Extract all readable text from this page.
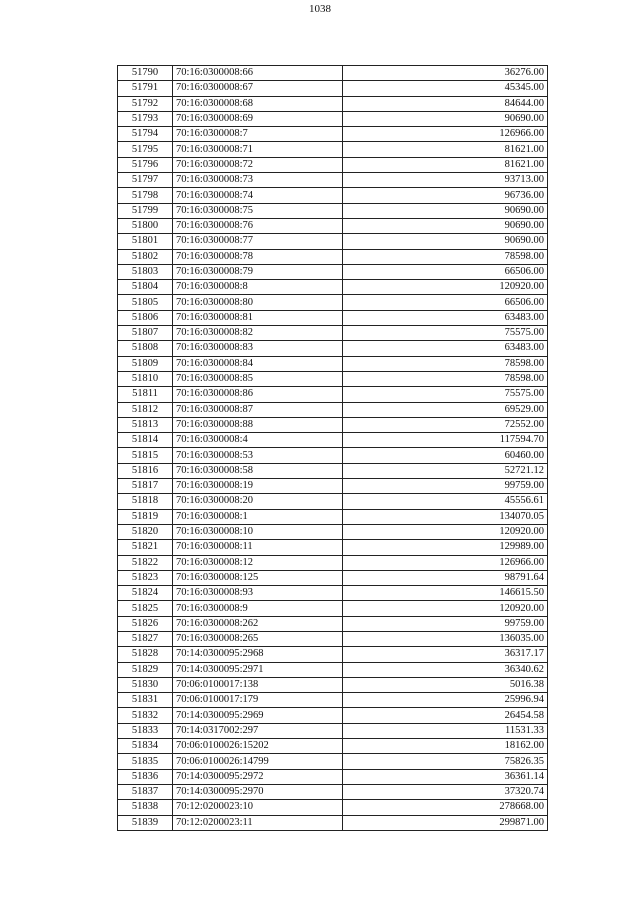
1038
51790	70:16:0300008:66	36276.00
51791	70:16:0300008:67	45345.00
51792	70:16:0300008:68	84644.00
51793	70:16:0300008:69	90690.00
51794	70:16:0300008:7	126966.00
51795	70:16:0300008:71	81621.00
51796	70:16:0300008:72	81621.00
51797	70:16:0300008:73	93713.00
51798	70:16:0300008:74	96736.00
51799	70:16:0300008:75	90690.00
51800	70:16:0300008:76	90690.00
51801	70:16:0300008:77	90690.00
51802	70:16:0300008:78	78598.00
51803	70:16:0300008:79	66506.00
51804	70:16:0300008:8	120920.00
51805	70:16:0300008:80	66506.00
51806	70:16:0300008:81	63483.00
51807	70:16:0300008:82	75575.00
51808	70:16:0300008:83	63483.00
51809	70:16:0300008:84	78598.00
51810	70:16:0300008:85	78598.00
51811	70:16:0300008:86	75575.00
51812	70:16:0300008:87	69529.00
51813	70:16:0300008:88	72552.00
51814	70:16:0300008:4	117594.70
51815	70:16:0300008:53	60460.00
51816	70:16:0300008:58	52721.12
51817	70:16:0300008:19	99759.00
51818	70:16:0300008:20	45556.61
51819	70:16:0300008:1	134070.05
51820	70:16:0300008:10	120920.00
51821	70:16:0300008:11	129989.00
51822	70:16:0300008:12	126966.00
51823	70:16:0300008:125	98791.64
51824	70:16:0300008:93	146615.50
51825	70:16:0300008:9	120920.00
51826	70:16:0300008:262	99759.00
51827	70:16:0300008:265	136035.00
51828	70:14:0300095:2968	36317.17
51829	70:14:0300095:2971	36340.62
51830	70:06:0100017:138	5016.38
51831	70:06:0100017:179	25996.94
51832	70:14:0300095:2969	26454.58
51833	70:14:0317002:297	11531.33
51834	70:06:0100026:15202	18162.00
51835	70:06:0100026:14799	75826.35
51836	70:14:0300095:2972	36361.14
51837	70:14:0300095:2970	37320.74
51838	70:12:0200023:10	278668.00
51839	70:12:0200023:11	299871.00
